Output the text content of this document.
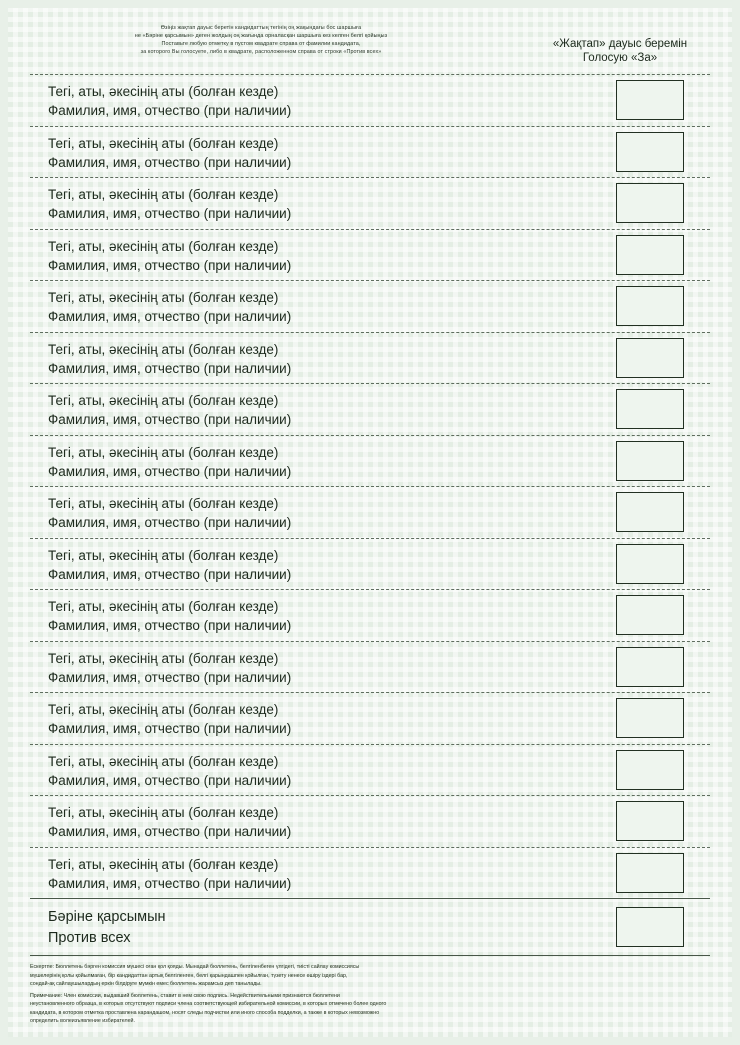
Өзіңіз жақтап дауыс беретін кандидаттың тегінің оң жақындағы бос шаршыға
не «Бәріне қарсымын» деген жолдың оң жағында орналасқан шаршыға кез келген белгі қойыңыз
Поставьте любую отметку в пустом квадрате справа от фамилии кандидата,
за которого Вы голосуете, либо в квадрате, расположенном справа от строки «Против всех»
«Жақтап» дауыс беремін
Голосую «За»
Тегі, аты, әкесінің аты (болған кезде)
Фамилия, имя, отчество (при наличии)
Тегі, аты, әкесінің аты (болған кезде)
Фамилия, имя, отчество (при наличии)
Тегі, аты, әкесінің аты (болған кезде)
Фамилия, имя, отчество (при наличии)
Тегі, аты, әкесінің аты (болған кезде)
Фамилия, имя, отчество (при наличии)
Тегі, аты, әкесінің аты (болған кезде)
Фамилия, имя, отчество (при наличии)
Тегі, аты, әкесінің аты (болған кезде)
Фамилия, имя, отчество (при наличии)
Тегі, аты, әкесінің аты (болған кезде)
Фамилия, имя, отчество (при наличии)
Тегі, аты, әкесінің аты (болған кезде)
Фамилия, имя, отчество (при наличии)
Тегі, аты, әкесінің аты (болған кезде)
Фамилия, имя, отчество (при наличии)
Тегі, аты, әкесінің аты (болған кезде)
Фамилия, имя, отчество (при наличии)
Тегі, аты, әкесінің аты (болған кезде)
Фамилия, имя, отчество (при наличии)
Тегі, аты, әкесінің аты (болған кезде)
Фамилия, имя, отчество (при наличии)
Тегі, аты, әкесінің аты (болған кезде)
Фамилия, имя, отчество (при наличии)
Тегі, аты, әкесінің аты (болған кезде)
Фамилия, имя, отчество (при наличии)
Тегі, аты, әкесінің аты (болған кезде)
Фамилия, имя, отчество (при наличии)
Тегі, аты, әкесінің аты (болған кезде)
Фамилия, имя, отчество (при наличии)
Бәріне қарсымын
Против всех
Ескертпе: Бюллетень бәрген комиссия мүшесі оған қол қояды. Мынадай бюллетень, белгіленбеген үлгідегі, тиісті сайлау комиссиясы
мүшелерінің қолы қойылмаған, бір кандидаттан артық белгіленген, белгі қарындашпен қойылған, түзету ненесе өшіру іздері бар,
сондай-ақ сайлаушылардың еркін білдіруге мүмкін емес бюллетень жарамсыз деп танылады.
Примечание: Член комиссии, выдавший бюллетень, ставит в нем свою подпись. Недействительными признаются бюллетени
неустановленного образца, в которых отсутствуют подписи члена соответствующей избирательной комиссии, в которых отмечено более одного
кандидата, в котором отметка проставлена карандашом, носят следы подчистки или иного способа подделки, а также в которых невозможно
определить волеизъявление избирателей.
